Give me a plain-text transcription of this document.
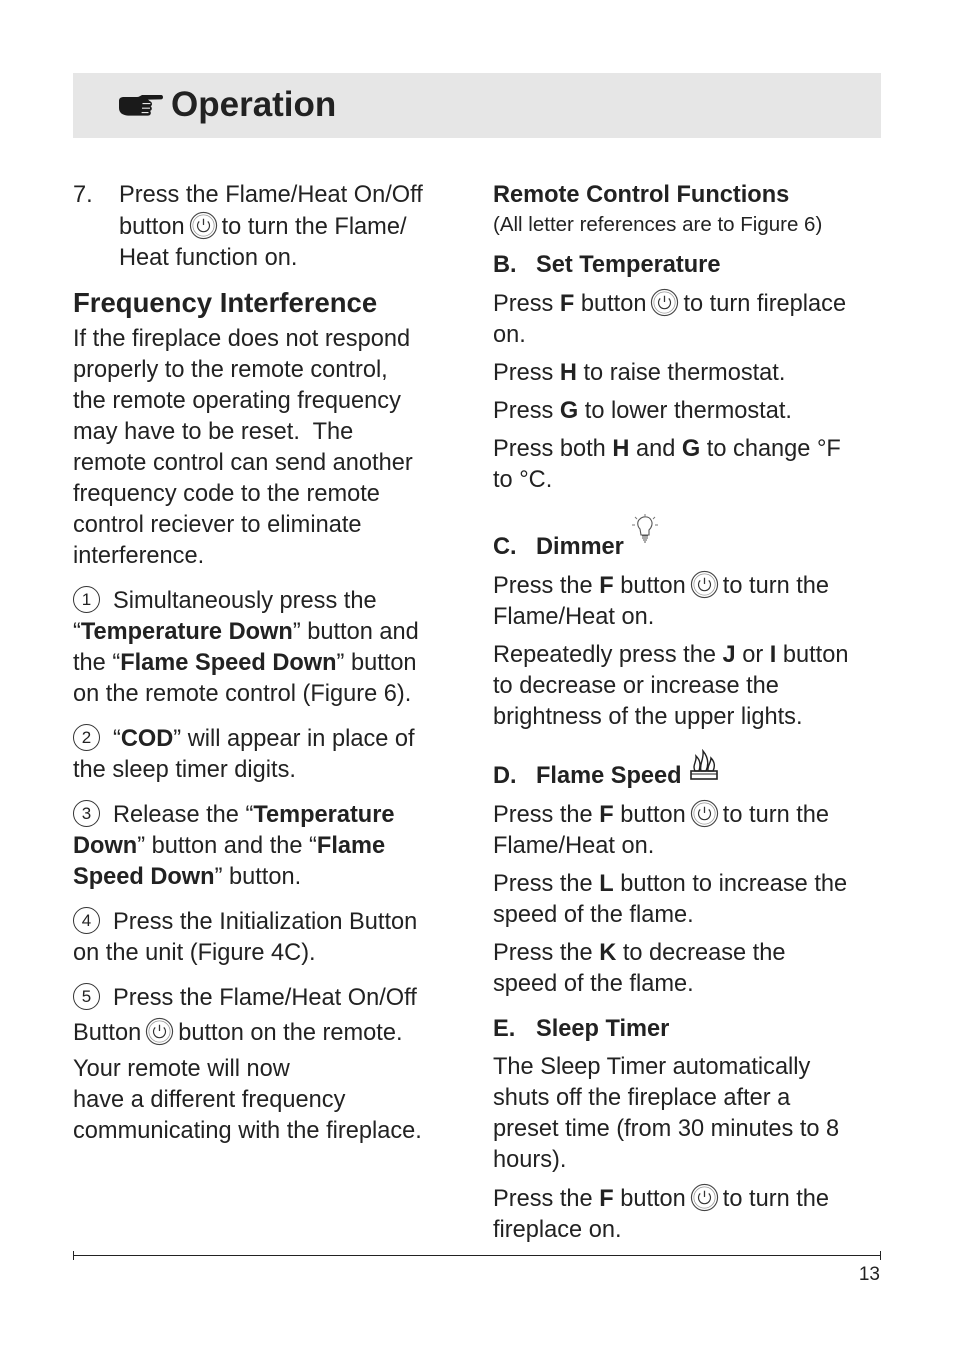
Operation
7. Press the Flame/Heat On/Off

button to turn the Flame/

Heat function on.

Frequency Interference

If the fireplace does not respond

properly to the remote control,

the remote operating frequency

may have to be reset.  The

remote control can send another

frequency code to the remote

control reciever to eliminate

interference.

1 Simultaneously press the

“Temperature Down” button and

the “Flame Speed Down” button

on the remote control (Figure 6).

2 “COD” will appear in place of

the sleep timer digits.

3 Release the “Temperature

Down” button and the “Flame

Speed Down” button.

4 Press the Initialization Button

on the unit (Figure 4C).

5 Press the Flame/Heat On/Off

Button button on the remote.

Your remote will now

have a different frequency

communicating with the fireplace.

Remote Control Functions
(All letter references are to Figure 6)
B. Set Temperature

Press F button to turn fireplace

on.

Press H to raise thermostat.

Press G to lower thermostat.

Press both H and G to change °F

to °C.

C. Dimmer

Press the F button to turn the

Flame/Heat on.

Repeatedly press the J or I button

to decrease or increase the

brightness of the upper lights.

D. Flame Speed

Press the F button to turn the

Flame/Heat on.

Press the L button to increase the

speed of the flame.

Press the K to decrease the

speed of the flame.

E. Sleep Timer

The Sleep Timer automatically

shuts off the fireplace after a

preset time (from 30 minutes to 8

hours).

Press the F button to turn the

fireplace on.

13
